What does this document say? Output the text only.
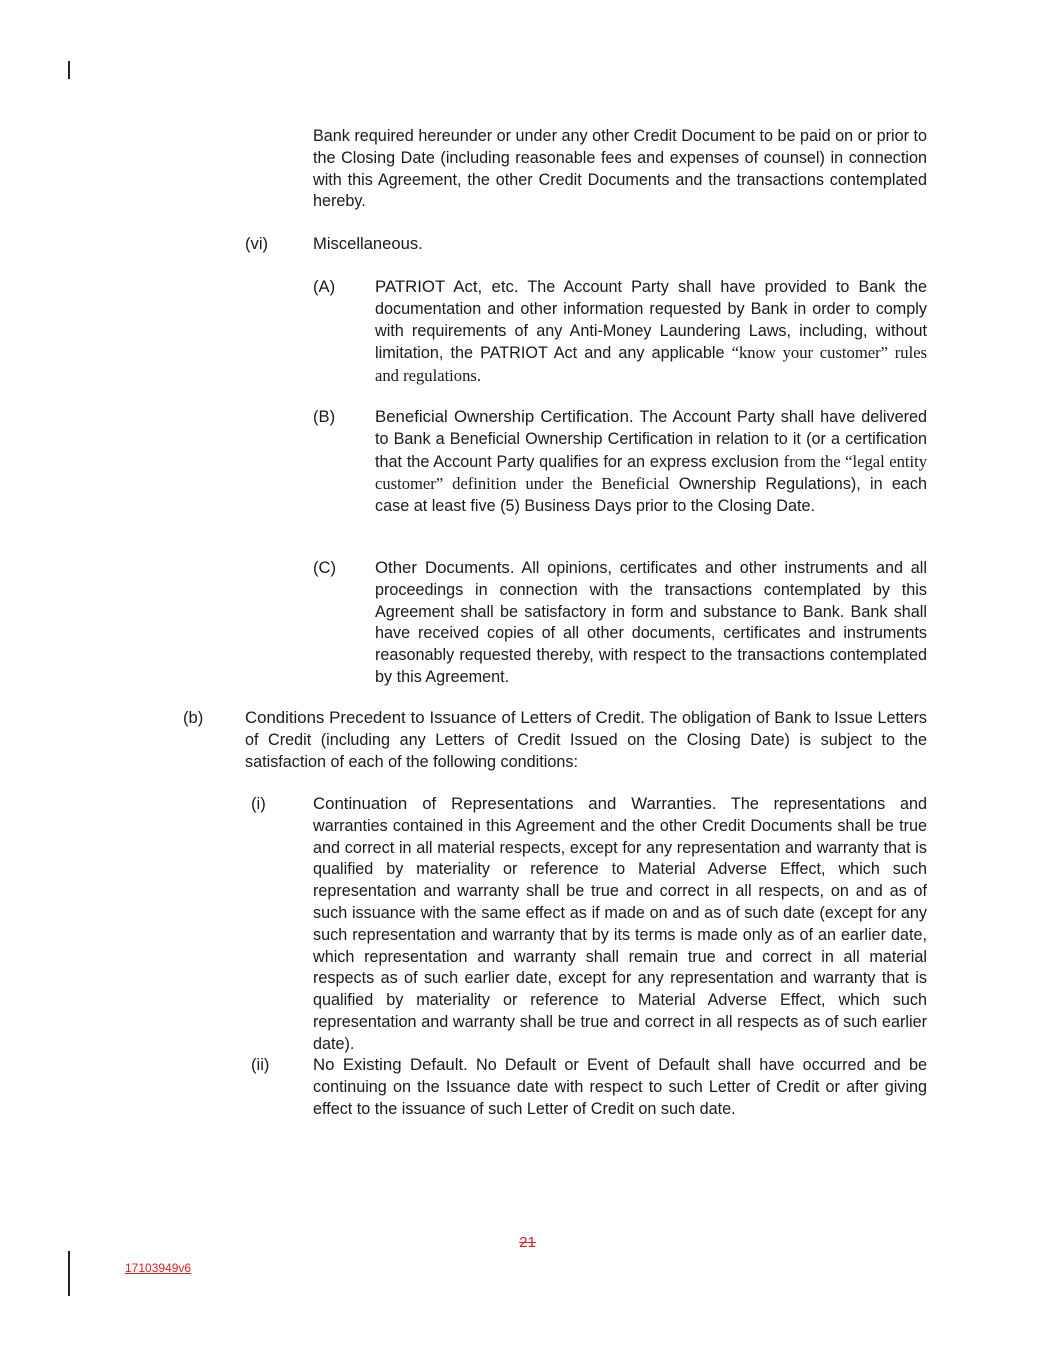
Bank required hereunder or under any other Credit Document to be paid on or prior to the Closing Date (including reasonable fees and expenses of counsel) in connection with this Agreement, the other Credit Documents and the transactions contemplated hereby.

(vi)	Miscellaneous.
(A) PATRIOT Act, etc. The Account Party shall have provided to Bank the documentation and other information requested by Bank in order to comply with requirements of any Anti-Money Laundering Laws, including, without limitation, the PATRIOT Act and any applicable “know your customer” rules and regulations.

(B) Beneficial Ownership Certification. The Account Party shall have delivered to Bank a Beneficial Ownership Certification in relation to it (or a certification that the Account Party qualifies for an express exclusion from the “legal entity customer” definition under the Beneficial Ownership Regulations), in each case at least five (5) Business Days prior to the Closing Date.

(C) Other Documents. All opinions, certificates and other instruments and all proceedings in connection with the transactions contemplated by this Agreement shall be satisfactory in form and substance to Bank. Bank shall have received copies of all other documents, certificates and instruments reasonably requested thereby, with respect to the transactions contemplated by this Agreement.

(b) Conditions Precedent to Issuance of Letters of Credit. The obligation of Bank to Issue Letters of Credit (including any Letters of Credit Issued on the Closing Date) is subject to the satisfaction of each of the following conditions:

(i)	Continuation of Representations and Warranties. The representations and warranties contained in this Agreement and the other Credit Documents shall be true and correct in all material respects, except for any representation and warranty that is qualified by materiality or reference to Material Adverse Effect, which such representation and warranty shall be true and correct in all respects, on and as of such issuance with the same effect as if made on and as of such date (except for any such representation and warranty that by its terms is made only as of an earlier date, which representation and warranty shall remain true and correct in all material respects as of such earlier date, except for any representation and warranty that is qualified by materiality or reference to Material Adverse Effect, which such representation and warranty shall be true and correct in all respects as of such earlier date).

(ii)	No Existing Default. No Default or Event of Default shall have occurred and be continuing on the Issuance date with respect to such Letter of Credit or after giving effect to the issuance of such Letter of Credit on such date.

21
17103949v6
